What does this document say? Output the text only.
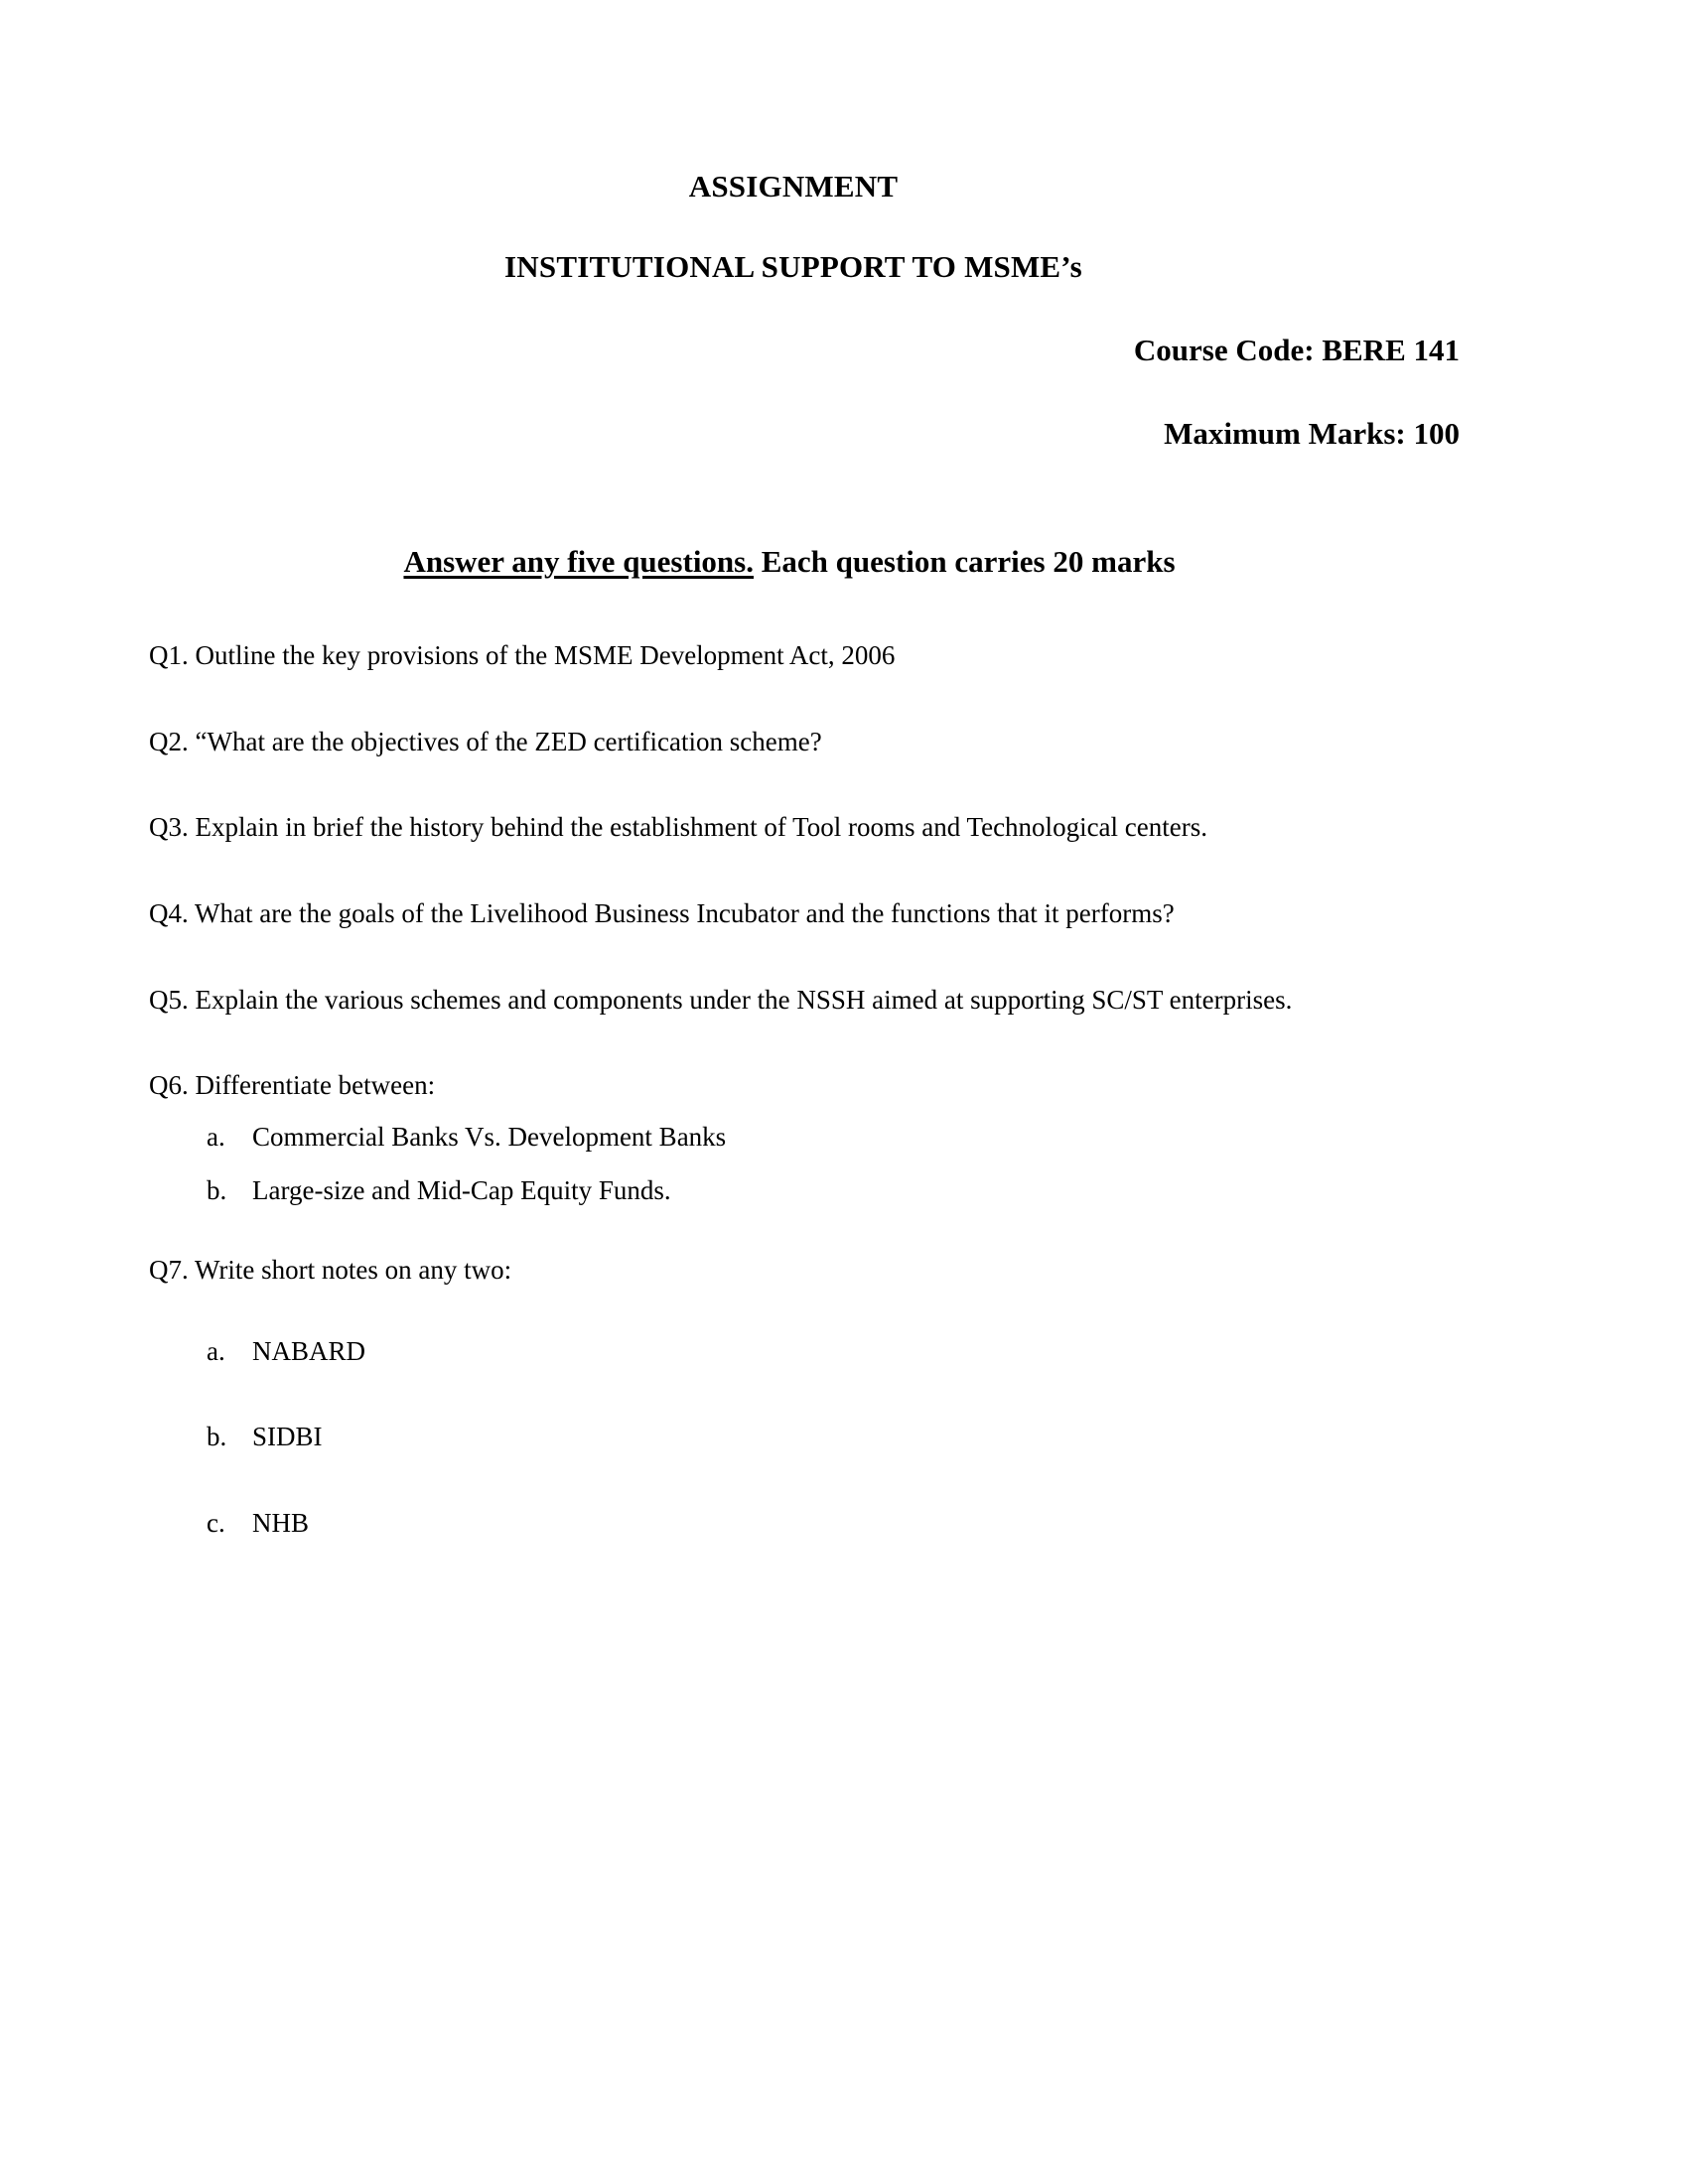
ASSIGNMENT
INSTITUTIONAL SUPPORT TO MSME’s
Course Code: BERE 141
Maximum Marks: 100
Answer any five questions. Each question carries 20 marks

Q1. Outline the key provisions of the MSME Development Act, 2006

Q2. “What are the objectives of the ZED certification scheme?

Q3. Explain in brief the history behind the establishment of Tool rooms and Technological centers.

Q4. What are the goals of the Livelihood Business Incubator and the functions that it performs?

Q5. Explain the various schemes and components under the NSSH aimed at supporting SC/ST enterprises.

Q6. Differentiate between:

a.	Commercial Banks Vs. Development Banks
b. Large-size and Mid-Cap Equity Funds.

Q7. Write short notes on any two:

a.	NABARD
b. SIDBI
c.	NHB
